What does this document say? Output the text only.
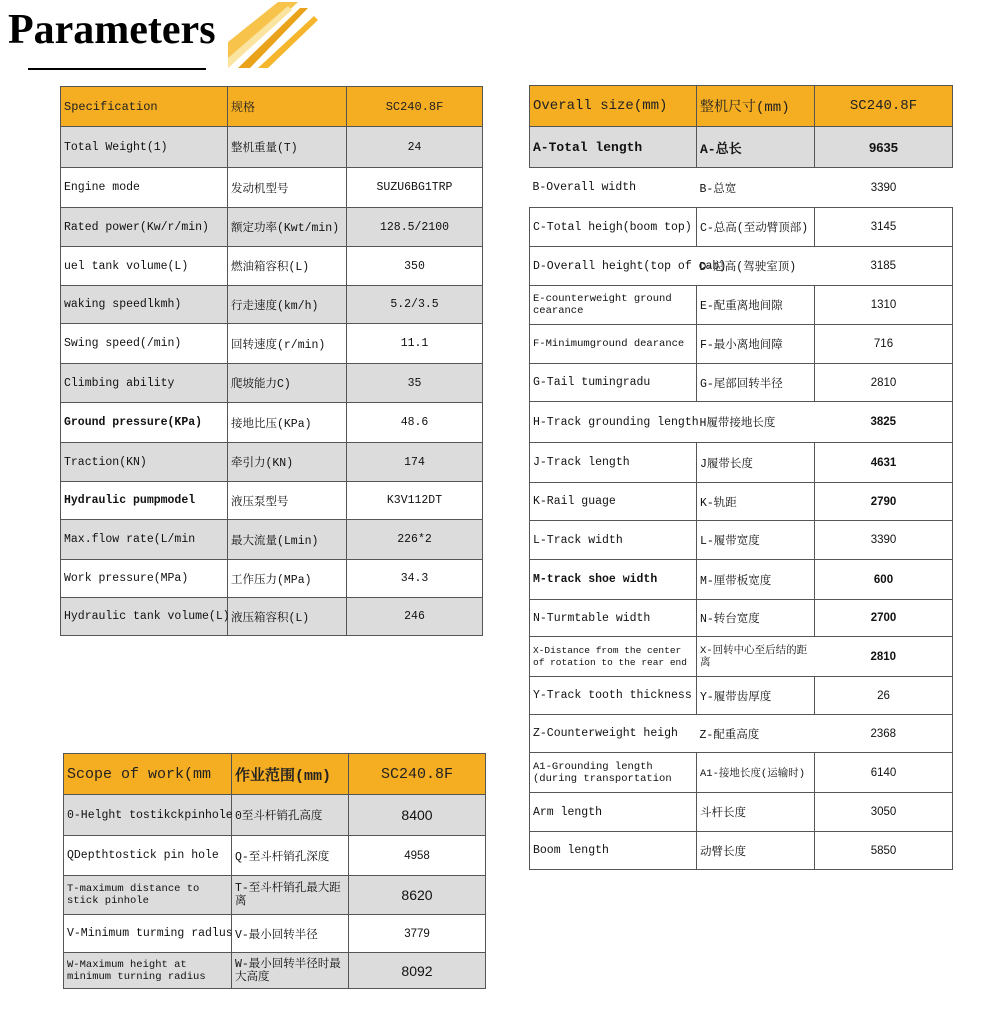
Parameters
Specification	规格	SC240.8F
Total Weight(1)	整机重量(T)	24
Engine mode	发动机型号	SUZU6BG1TRP
Rated power(Kw/r/min)	额定功率(Kwt/min)	128.5/2100
uel tank volume(L)	燃油箱容积(L)	350
waking speedlkmh)	行走速度(km/h)	5.2/3.5
Swing speed(/min)	回转速度(r/min)	11.1
Climbing ability	爬坡能力C)	35
Ground pressure(KPa)	接地比压(KPa)	48.6
Traction(KN)	牵引力(KN)	174
Hydraulic pumpmodel	液压泵型号	K3V112DT
Max.flow rate(L/min	最大流量(Lmin)	226*2
Work pressure(MPa)	工作压力(MPa)	34.3
Hydraulic tank volume(L)	液压箱容积(L)	246
Overall size(mm)	整机尺寸(mm)	SC240.8F
A-Total length	A-总长	9635
B-Overall width	B-总宽	3390
C-Total heigh(boom top)	C-总高(至动臂顶部)	3145
D-Overall height(top of cab)	D-总高(驾驶室顶)	3185
E-counterweight ground cearance	E-配重离地间隙	1310
F-Minimumground dearance	F-最小离地间障	716
G-Tail tumingradu	G-尾部回转半径	2810
H-Track grounding length	H履带接地长度	3825
J-Track length	J履带长度	4631
K-Rail guage	K-轨距	2790
L-Track width	L-履带宽度	3390
M-track shoe width	M-厘带板宽度	600
N-Turmtable width	N-转台宽度	2700
X-Distance from the center of rotation to the rear end	X-回转中心至后结的距离	2810
Y-Track tooth thickness	Y-履带齿厚度	26
Z-Counterweight heigh	Z-配重高度	2368
A1-Grounding length (during transportation	A1-接地长度(运输时)	6140
Arm length	斗杆长度	3050
Boom length	动臂长度	5850
Scope of work(mm	作业范围(mm)	SC240.8F
0-Helght tostikckpinhole	0至斗杆销孔高度	8400
QDepthtostick pin hole	Q-至斗杆销孔深度	4958
T-maximum distance to stick pinhole	T-至斗杆销孔最大距离	8620
V-Minimum turming radlus	V-最小回转半径	3779
W-Maximum height at minimum turning radius	W-最小回转半径时最大高度	8092
